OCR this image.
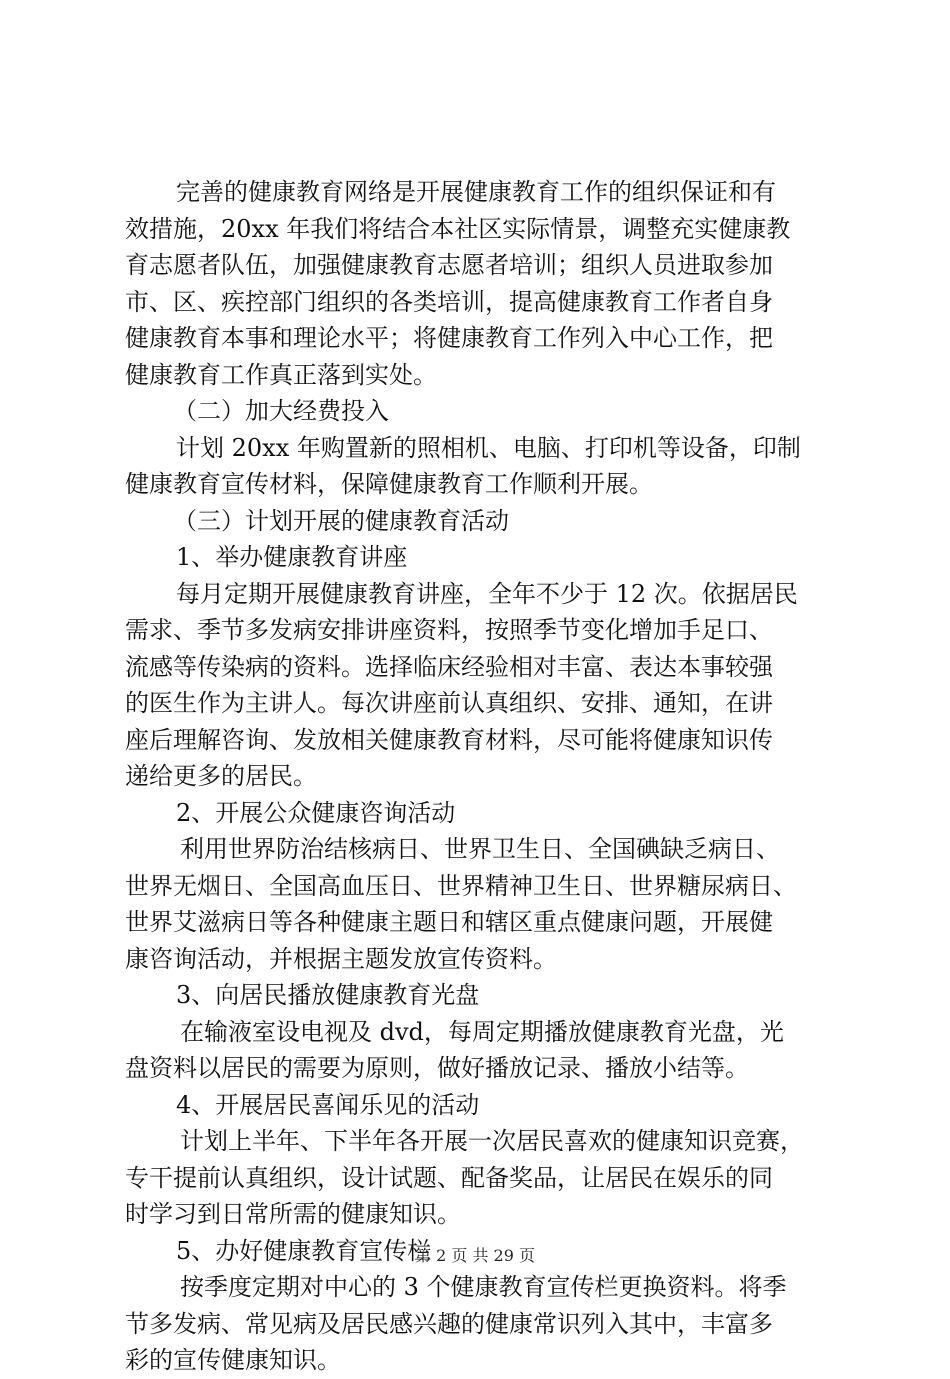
完善的健康教育网络是开展健康教育工作的组织保证和有
效措施，20xx 年我们将结合本社区实际情景，调整充实健康教
育志愿者队伍，加强健康教育志愿者培训；组织人员进取参加
市、区、疾控部门组织的各类培训，提高健康教育工作者自身
健康教育本事和理论水平；将健康教育工作列入中心工作，把
健康教育工作真正落到实处。
（二）加大经费投入
计划 20xx 年购置新的照相机、电脑、打印机等设备，印制
健康教育宣传材料，保障健康教育工作顺利开展。
（三）计划开展的健康教育活动
1、举办健康教育讲座
每月定期开展健康教育讲座，全年不少于 12 次。依据居民
需求、季节多发病安排讲座资料，按照季节变化增加手足口、
流感等传染病的资料。选择临床经验相对丰富、表达本事较强
的医生作为主讲人。每次讲座前认真组织、安排、通知，在讲
座后理解咨询、发放相关健康教育材料，尽可能将健康知识传
递给更多的居民。
2、开展公众健康咨询活动
利用世界防治结核病日、世界卫生日、全国碘缺乏病日、
世界无烟日、全国高血压日、世界精神卫生日、世界糖尿病日、
世界艾滋病日等各种健康主题日和辖区重点健康问题，开展健
康咨询活动，并根据主题发放宣传资料。
3、向居民播放健康教育光盘
在输液室设电视及 dvd，每周定期播放健康教育光盘，光
盘资料以居民的需要为原则，做好播放记录、播放小结等。
4、开展居民喜闻乐见的活动
计划上半年、下半年各开展一次居民喜欢的健康知识竞赛，
专干提前认真组织，设计试题、配备奖品，让居民在娱乐的同
时学习到日常所需的健康知识。
5、办好健康教育宣传栏
按季度定期对中心的 3 个健康教育宣传栏更换资料。将季
节多发病、常见病及居民感兴趣的健康常识列入其中，丰富多
彩的宣传健康知识。
第 2 页 共 29 页
